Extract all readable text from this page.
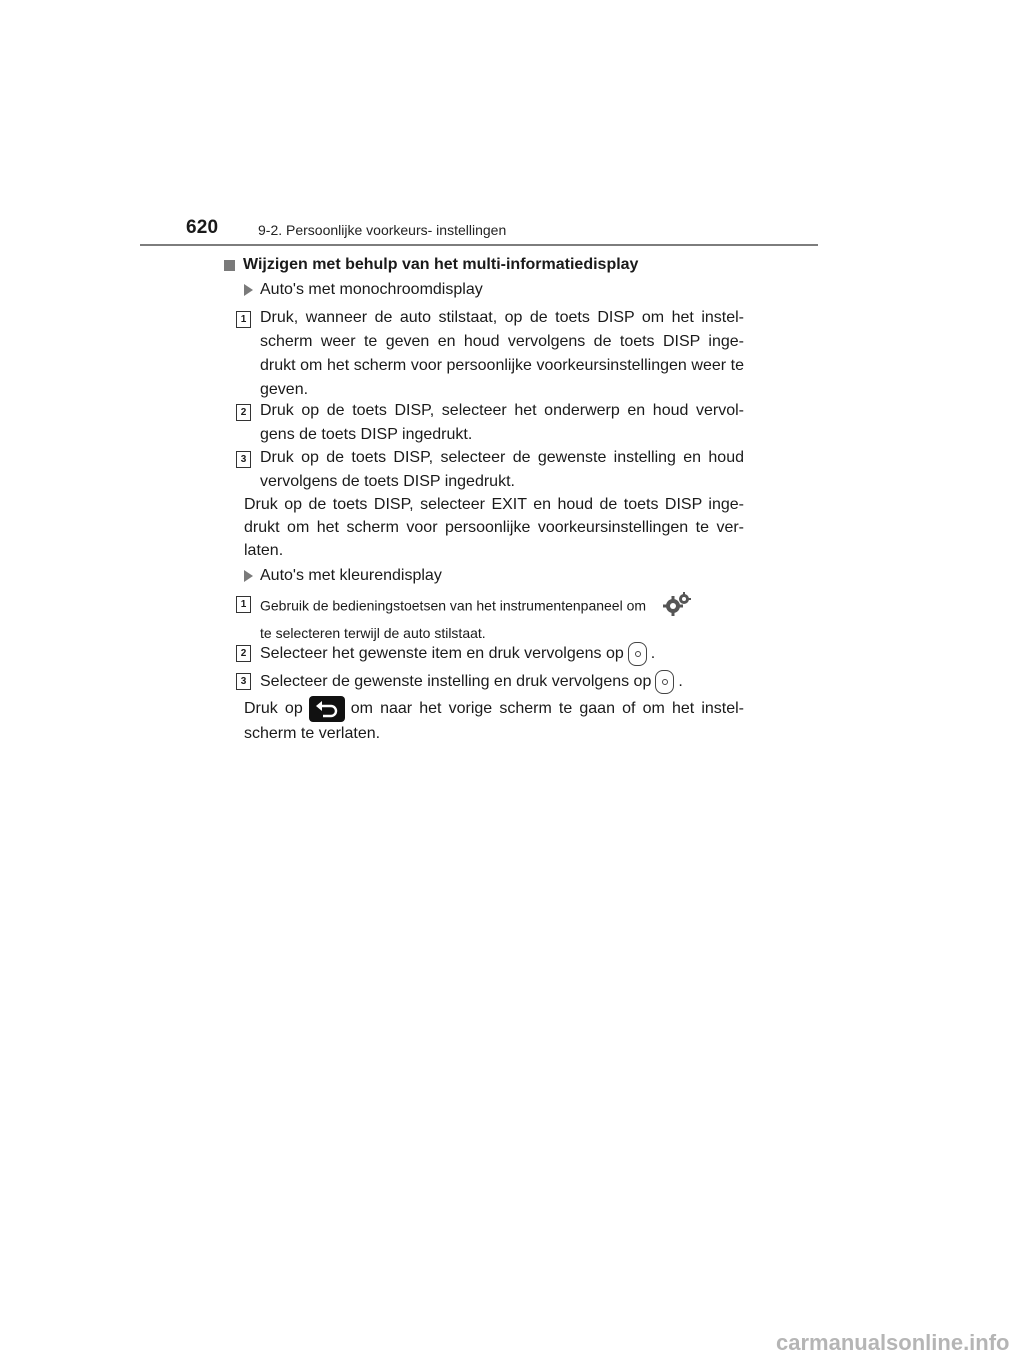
620	9-2. Persoonlijke voorkeurs- instellingen
Wijzigen met behulp van het multi-informatiedisplay
Auto's met monochroomdisplay
1 Druk, wanneer de auto stilstaat, op de toets DISP om het instel- scherm weer te geven en houd vervolgens de toets DISP inge- drukt om het scherm voor persoonlijke voorkeursinstellingen weer te geven.
2 Druk op de toets DISP, selecteer het onderwerp en houd vervol- gens de toets DISP ingedrukt.
3 Druk op de toets DISP, selecteer de gewenste instelling en houd vervolgens de toets DISP ingedrukt.
Druk op de toets DISP, selecteer EXIT en houd de toets DISP inge- drukt om het scherm voor persoonlijke voorkeursinstellingen te ver- laten.
Auto's met kleurendisplay
1 Gebruik de bedieningstoetsen van het instrumentenpaneel om
te selecteren terwijl de auto stilstaat.
2 Selecteer het gewenste item en druk vervolgens op .
3 Selecteer de gewenste instelling en druk vervolgens op .
Druk op	om naar het vorige scherm te gaan of om het instel- scherm te verlaten.
carmanualsonline.info
